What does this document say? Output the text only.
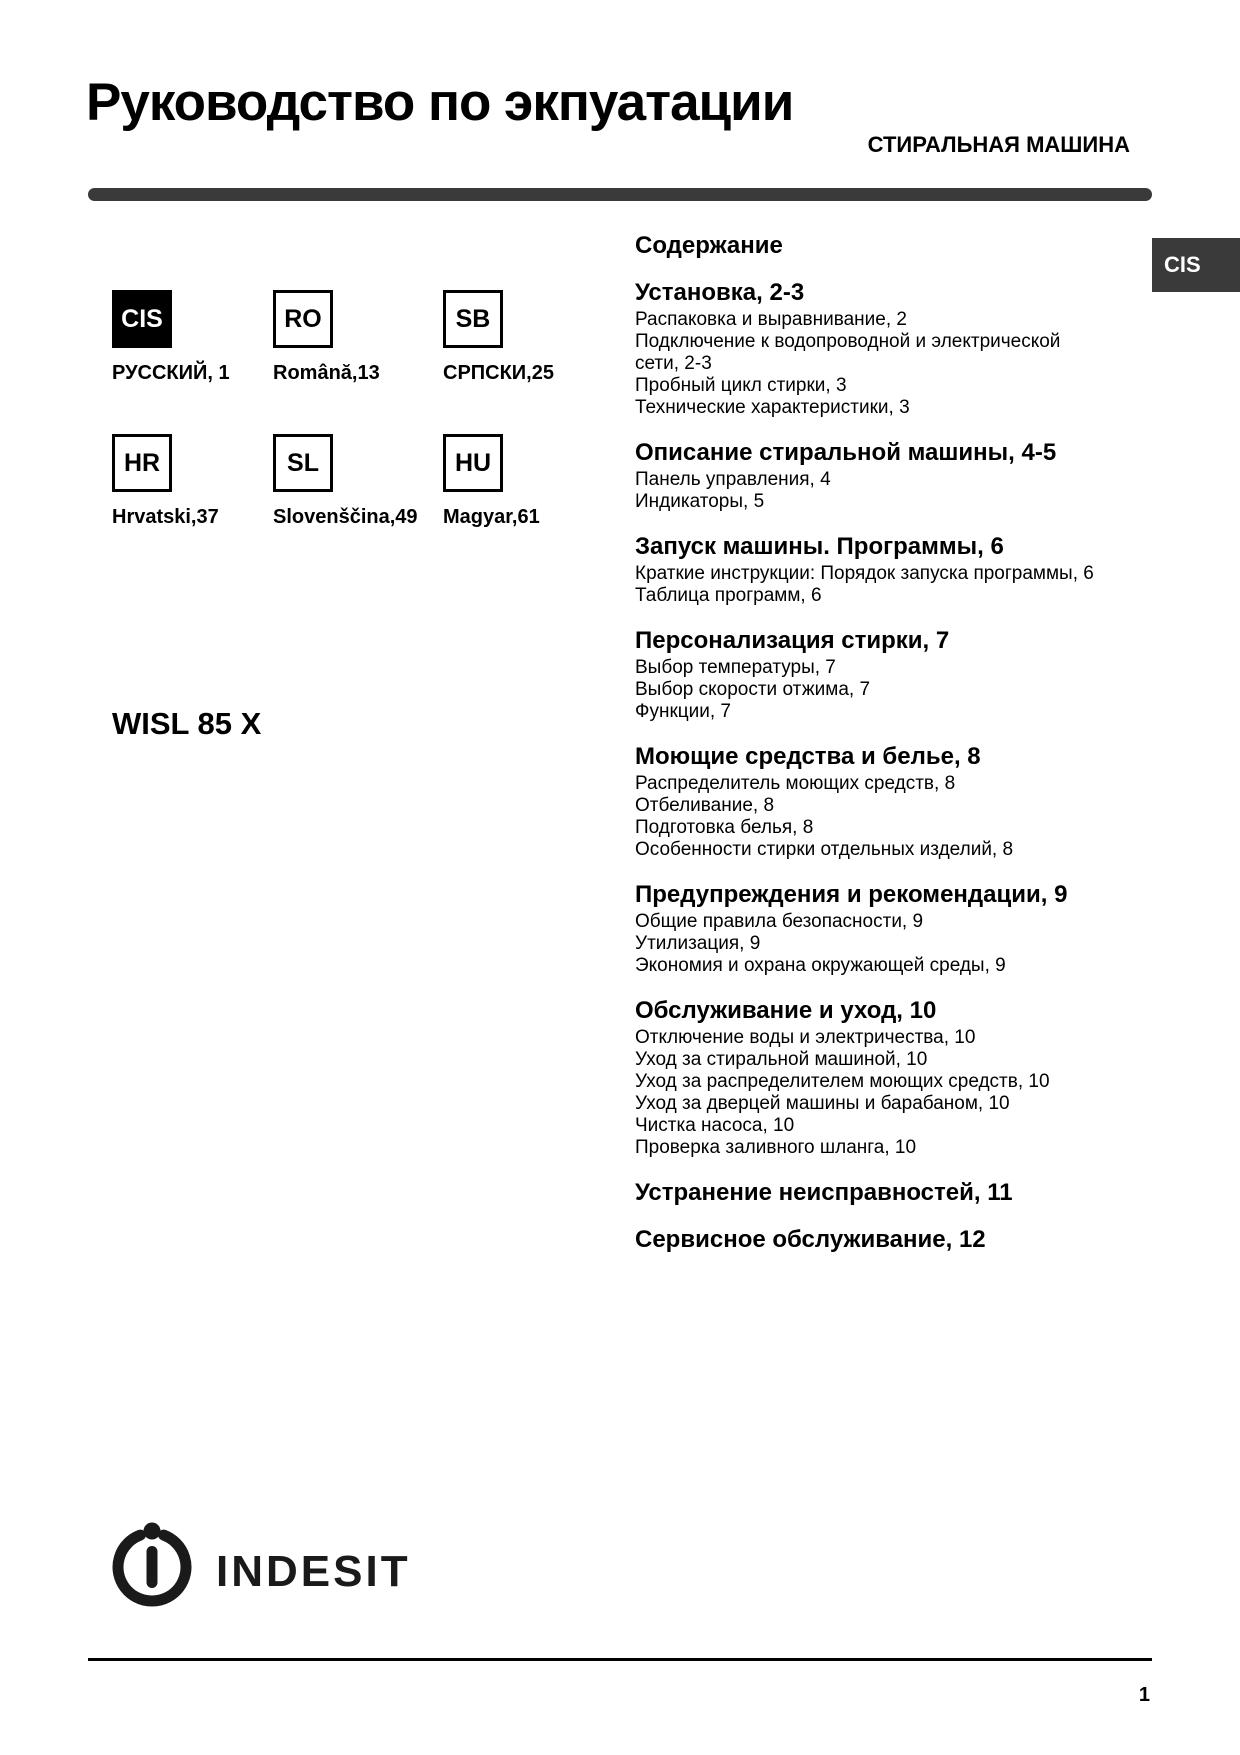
Руководство по экпуатации
СТИРАЛЬНАЯ МАШИНА
CIS
CIS
РУССКИЙ, 1
RO
Română,13
SB
СРПСКИ,25
HR
Hrvatski,37
SL
Slovenščina,49
HU
Magyar,61
WISL 85 X
Содержание
Установка, 2-3
Распаковка и выравнивание, 2
Подключение к водопроводной и электрической
сети, 2-3
Пробный цикл стирки, 3
Технические характеристики, 3
Описание стиральной машины, 4-5
Панель управления, 4
Индикаторы, 5
Запуск машины. Программы, 6
Краткие инструкции: Порядок запуска программы, 6
Таблица программ, 6
Персонализация стирки, 7
Выбор температуры, 7
Выбор скорости отжима, 7
Функции, 7
Моющие средства и белье, 8
Распределитель моющих средств, 8
Отбеливание, 8
Подготовка белья, 8
Особенности стирки отдельных изделий, 8
Предупреждения и рекомендации, 9
Общие правила безопасности, 9
Утилизация, 9
Экономия и охрана окружающей среды, 9
Обслуживание и уход, 10
Отключение воды и электричества, 10
Уход за стиральной машиной, 10
Уход за распределителем моющих средств, 10
Уход за дверцей машины и барабаном, 10
Чистка насоса, 10
Проверка заливного шланга, 10
Устранение неисправностей, 11
Сервисное обслуживание, 12
INDESIT
1
